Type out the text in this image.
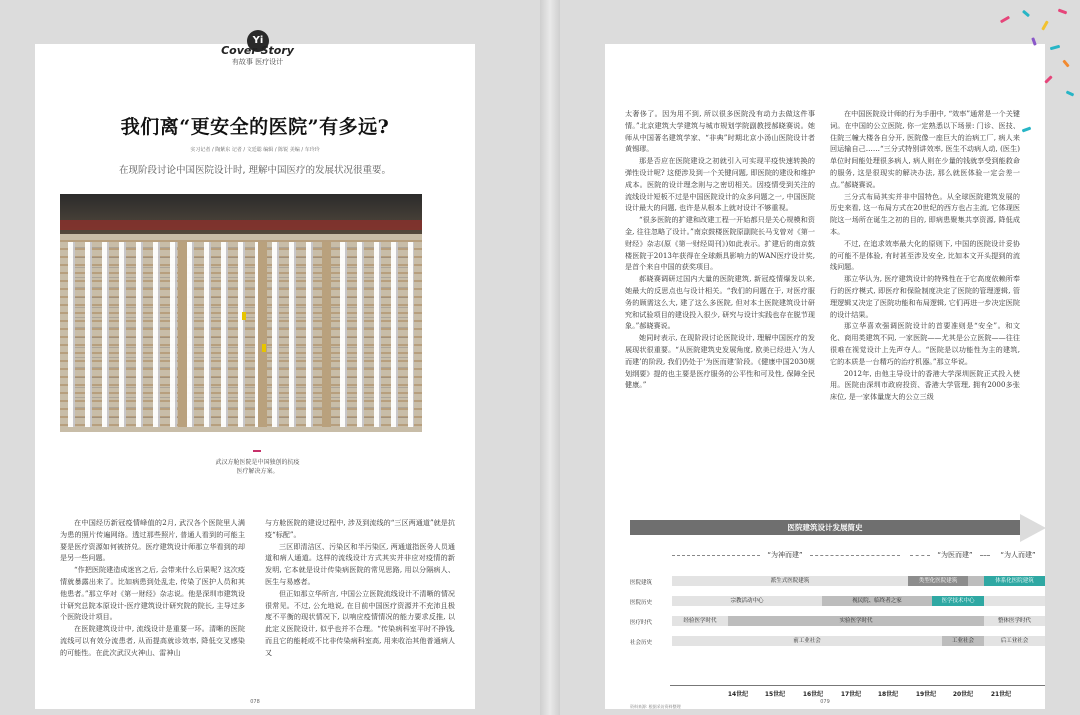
Yi
Cover Story
有故事 医疗设计
我们离“更安全的医院”有多远?
实习记者 / 陶紫东 记者 / 文廷聪 编辑 / 陈锐 美编 / 车玲玲
在现阶段讨论中国医院设计时, 理解中国医疗的发展状况很重要。
武汉方舱医院是中国独创的抗疫
医疗解决方案。

在中国经历新冠疫情峰值的2月, 武汉各个医院里人满为患的照片传遍网络。透过那些照片, 普通人看到的可能主要是医疗资源如何被挤兑。医疗建筑设计师那立华看到的却是另一些问题。

“作把医院建造成迷宫之后, 会带来什么后果呢? 这次疫情就暴露出来了。比如病患到处乱走, 传染了医护人员和其他患者。”那立华对《第一财经》杂志说。他是深圳市建筑设计研究总院本原设计-医疗建筑设计研究院的院长, 主导过多个医院设计项目。

在医院建筑设计中, 流线设计是重要一环。清晰的医院流线可以有效分流患者, 从而提高就诊效率, 降低交叉感染的可能性。在此次武汉火神山、雷神山

与方舱医院的建设过程中, 涉及到流线的“三区两通道”就是抗疫“标配”。

三区即清洁区、污染区和半污染区, 两通道指医务人员通道和病人通道。这样的流线设计方式其实并非应对疫情的新发明, 它本就是设计传染病医院的常见思路, 用以分隔病人、医生与易感者。

但正如那立华所言, 中国公立医院流线设计不清晰的情况很常见。不过, 公允地说, 在目前中国医疗资源并不充沛且极度不平衡的现状情况下, 以响应疫情情况的能力要求反推, 以此定义医院设计, 似乎也并不合理。“传染病科室平时不挣钱, 而且它的能耗或不比非传染病科室高, 用来收治其他普通病人又

078

太奢侈了。因为用不到, 所以很多医院没有动力去做这件事情。”北京建筑大学建筑与城市规划学院副教授郝晓赛说。她师从中国著名建筑学家、“非典”时期北京小汤山医院设计者黄锡璆。

那是否应在医院建设之初就引入可实现平疫快速转换的弹性设计呢? 这便涉及到一个关键问题, 即医院的建设和维护成本。医院的设计理念则与之密切相关。因疫情受到关注的流线设计短板不过是中国医院设计的众多问题之一, 中国医院设计最大的问题, 也许是从根本上就对设计不够重视。

“很多医院的扩建和改建工程一开始都只是关心规模和资金, 往往忽略了设计。”南京鼓楼医院原副院长马戈曾对《第一财经》杂志(原《第一财经周刊》)如此表示。扩建后的南京鼓楼医院于2013年获得在全球颇具影响力的WAN医疗设计奖, 是首个来自中国的获奖项目。

郝晓赛调研过国内大量的医院建筑, 新冠疫情爆发以来, 她最大的反思点也与设计相关。“我们的问题在于, 对医疗服务的顾需这么大, 建了这么多医院, 但对本土医院建筑设计研究和试验项目的建设投入很少, 研究与设计实践也存在脱节现象。”郝晓赛说。

她同时表示, 在现阶段讨论医院设计, 理解中国医疗的发展现状很重要。“从医院建筑史发展角度, 欧美已经进入‘为人而建’的阶段, 我们仍处于‘为医而建’阶段。《健康中国2030规划纲要》提的也主要是医疗服务的公平性和可及性, 保障全民健康。”

在中国医院设计师的行为手册中, “效率”通常是一个关键词。在中国的公立医院, 你一定熟悉以下场景: 门诊、医技、住院三幢大楼各自分开, 医院像一座巨大的治病工厂, 病人来回运输自己……“三分式特别讲效率, 医生不动病人动, (医生)单位时间能处理很多病人, 病人则在少量的钱就享受到能救命的服务, 这是很现实的解决办法, 那么就医体验一定会差一点。”郝晓赛说。

三分式布局其实并非中国特色。从全球医院建筑发展的历史来看, 这一布局方式在20世纪的西方也占主流, 它体现医院这一场所在诞生之初的目的, 即病患聚集共享资源, 降低成本。

不过, 在追求效率最大化的原则下, 中国的医院设计妥协的可能不是体验, 有时甚至涉及安全, 比如本文开头提到的流线问题。

那立华认为, 医疗建筑设计的特殊性在于它高度依赖所奉行的医疗模式, 即医疗和保险制度决定了医院的管理逻辑, 管理逻辑又决定了医院功能和布局逻辑, 它们再进一步决定医院的设计结果。

那立华喜欢强调医院设计的首要准则是“安全”。和文化、商用类建筑不同, 一家医院——尤其是公立医院——往往很难在视觉设计上先声夺人。“医院是以功能性为主的建筑, 它的本质是一台精巧的治疗机器。”那立华说。

2012年, 由他主导设计的香港大学深圳医院正式投入使用。医院由深圳市政府投资、香港大学管理, 拥有2000多张床位, 是一家体量庞大的公立三级

医院建筑设计发展简史
“为神而建”	“为医而建”	“为人而建”
医院建筑	派生式医院建筑	类型化医院建筑	体系化医院建筑
医院历史	宗教活动中心	视民院、临终者之家	医学技术中心
医疗时代	经验医学时代	实验医学时代	整体医学时代
社会历史	前工业社会	工业社会	后工业社会
14世纪	15世纪	16世纪	17世纪	18世纪	19世纪	20世纪	21世纪
资料来源: 根据采访资料整理
079
